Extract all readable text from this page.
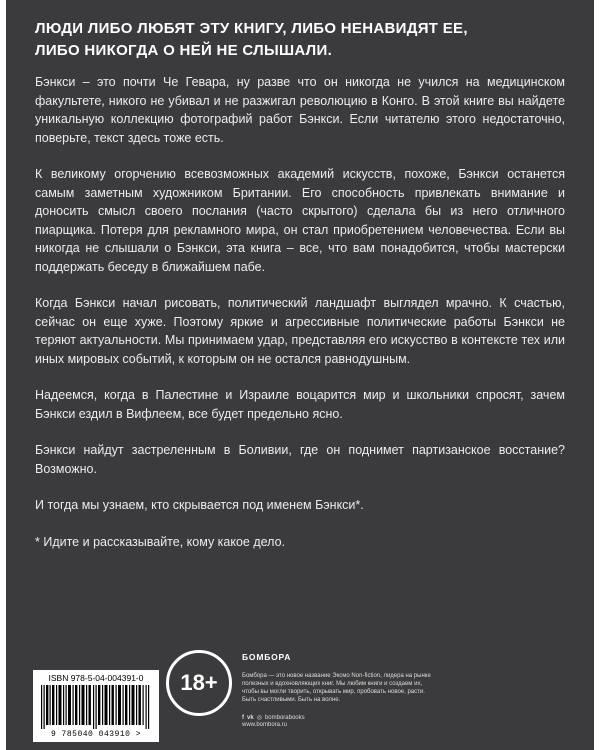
ЛЮДИ ЛИБО ЛЮБЯТ ЭТУ КНИГУ, ЛИБО НЕНАВИДЯТ ЕЕ,
ЛИБО НИКОГДА О НЕЙ НЕ СЛЫШАЛИ.

Бэнкси – это почти Че Гевара, ну разве что он никогда не учился на медицинском факультете, никого не убивал и не разжигал революцию в Конго. В этой книге вы найдете уникальную коллекцию фотографий работ Бэнкси. Если читателю этого недостаточно, поверьте, текст здесь тоже есть.

К великому огорчению всевозможных академий искусств, похоже, Бэнкси останется самым заметным художником Британии. Его способность привлекать внимание и доносить смысл своего послания (часто скрытого) сделала бы из него отличного пиарщика. Потеря для рекламного мира, он стал приобретением человечества. Если вы никогда не слышали о Бэнкси, эта книга – все, что вам понадобится, чтобы мастерски поддержать беседу в ближайшем пабе.

Когда Бэнкси начал рисовать, политический ландшафт выглядел мрачно. К счастью, сейчас он еще хуже. Поэтому яркие и агрессивные политические работы Бэнкси не теряют актуальности. Мы принимаем удар, представляя его искусство в контексте тех или иных мировых событий, к которым он не остался равнодушным.

Надеемся, когда в Палестине и Израиле воцарится мир и школьники спросят, зачем Бэнкси ездил в Вифлеем, все будет предельно ясно.

Бэнкси найдут застреленным в Боливии, где он поднимет партизанское восстание? Возможно.

И тогда мы узнаем, кто скрывается под именем Бэнкси*.

* Идите и рассказывайте, кому какое дело.

ISBN 978-5-04-004391-0
9 785040 043910 >
18+
БОМБОРА
Бомбора — это новое название Эксмо Non-fiction, лидера на рынке полезных и вдохновляющих книг. Мы любим книги и создаем их, чтобы вы могли творить, открывать мир, пробовать новое, расти. Быть счастливыми. Быть на волне.
f vk ◎ bomborabooks
www.bombora.ru
